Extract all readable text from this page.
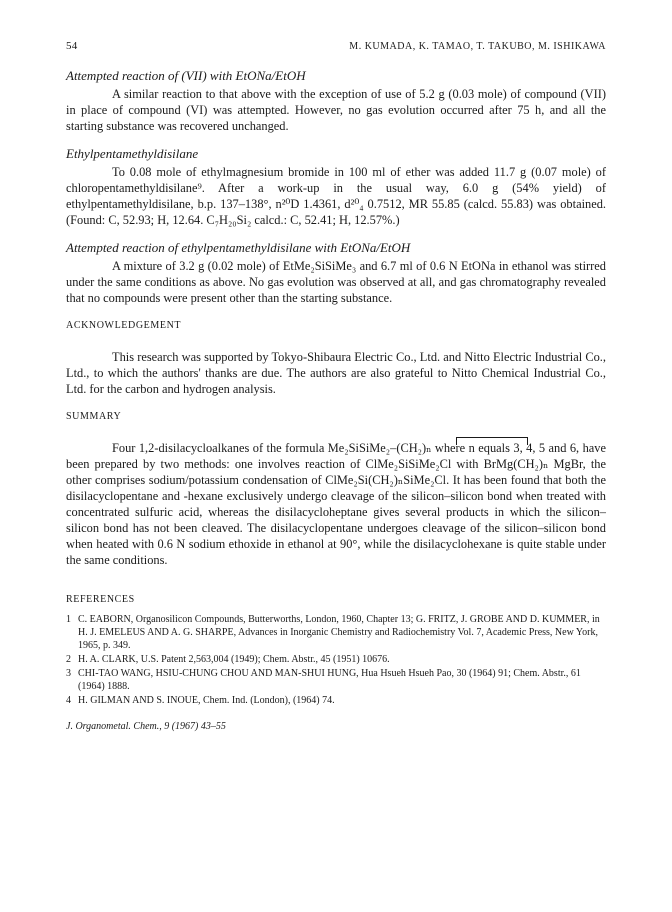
54	M. KUMADA, K. TAMAO, T. TAKUBO, M. ISHIKAWA

Attempted reaction of (VII) with EtONa/EtOH

A similar reaction to that above with the exception of use of 5.2 g (0.03 mole) of compound (VII) in place of compound (VI) was attempted. However, no gas evolution occurred after 75 h, and all the starting substance was recovered unchanged.

Ethylpentamethyldisilane

To 0.08 mole of ethylmagnesium bromide in 100 ml of ether was added 11.7 g (0.07 mole) of chloropentamethyldisilane⁹. After a work-up in the usual way, 6.0 g (54% yield) of ethylpentamethyldisilane, b.p. 137–138°, n²⁰D 1.4361, d²⁰₄ 0.7512, MR 55.85 (calcd. 55.83) was obtained. (Found: C, 52.93; H, 12.64. C₇H₂₀Si₂ calcd.: C, 52.41; H, 12.57%.)

Attempted reaction of ethylpentamethyldisilane with EtONa/EtOH

A mixture of 3.2 g (0.02 mole) of EtMe₂SiSiMe₃ and 6.7 ml of 0.6 N EtONa in ethanol was stirred under the same conditions as above. No gas evolution was observed at all, and gas chromatography revealed that no compounds were present other than the starting substance.

ACKNOWLEDGEMENT

This research was supported by Tokyo-Shibaura Electric Co., Ltd. and Nitto Electric Industrial Co., Ltd., to which the authors' thanks are due. The authors are also grateful to Nitto Chemical Industrial Co., Ltd. for the carbon and hydrogen analysis.

SUMMARY

Four 1,2-disilacycloalkanes of the formula Me₂SiSiMe₂–(CH₂)ₙ where n equals 3, 4, 5 and 6, have been prepared by two methods: one involves reaction of ClMe₂SiSiMe₂Cl with BrMg(CH₂)ₙ MgBr, the other comprises sodium/potassium condensation of ClMe₂Si(CH₂)ₙSiMe₂Cl. It has been found that both the disilacyclopentane and -hexane exclusively undergo cleavage of the silicon–silicon bond when treated with concentrated sulfuric acid, whereas the disilacycloheptane gives several products in which the silicon–silicon bond has not been cleaved. The disilacyclopentane undergoes cleavage of the silicon–silicon bond when heated with 0.6 N sodium ethoxide in ethanol at 90°, while the disilacyclohexane is quite stable under the same conditions.

REFERENCES
1 C. EABORN, Organosilicon Compounds, Butterworths, London, 1960, Chapter 13; G. FRITZ, J. GROBE AND D. KUMMER, in H. J. EMELEUS AND A. G. SHARPE, Advances in Inorganic Chemistry and Radiochemistry Vol. 7, Academic Press, New York, 1965, p. 349.
2 H. A. CLARK, U.S. Patent 2,563,004 (1949); Chem. Abstr., 45 (1951) 10676.
3 CHI-TAO WANG, HSIU-CHUNG CHOU AND MAN-SHUI HUNG, Hua Hsueh Hsueh Pao, 30 (1964) 91; Chem. Abstr., 61 (1964) 1888.
4 H. GILMAN AND S. INOUE, Chem. Ind. (London), (1964) 74.
J. Organometal. Chem., 9 (1967) 43–55
